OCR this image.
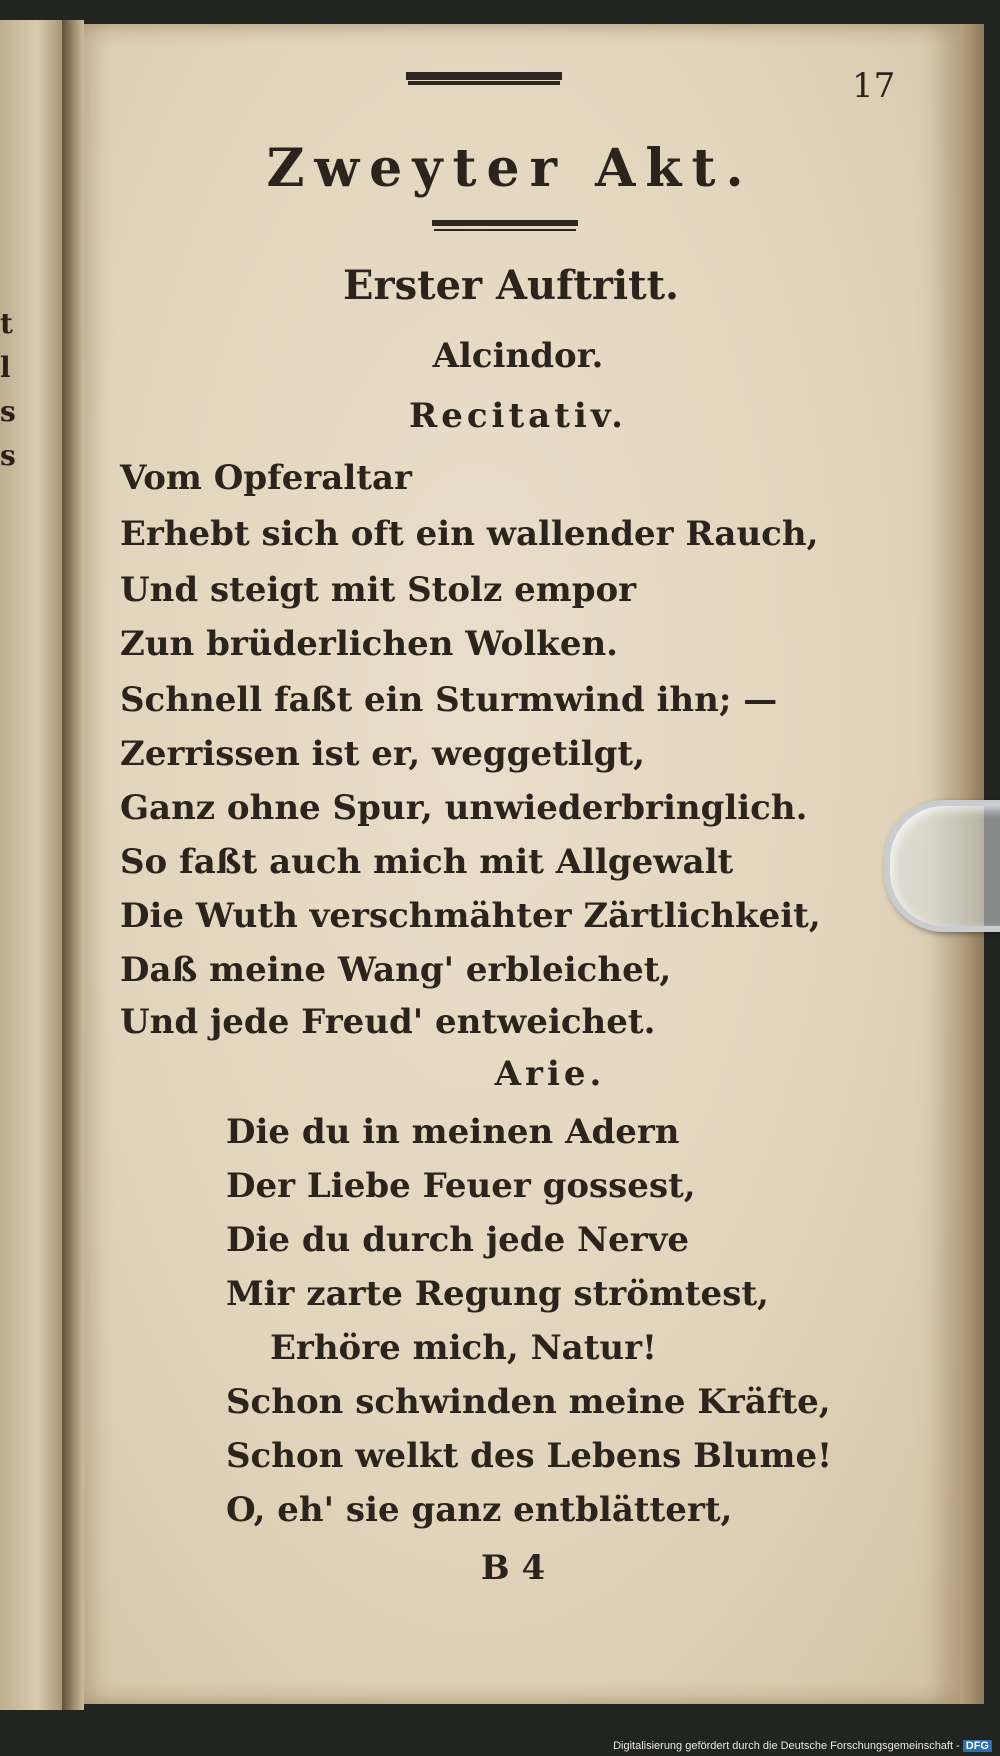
t
l
s
s
17
Zweyter Akt.
Erster Auftritt.
Alcindor.
Recitativ.
Vom Opferaltar
Erhebt sich oft ein wallender Rauch,
Und steigt mit Stolz empor
Zun brüderlichen Wolken.
Schnell faßt ein Sturmwind ihn; —
Zerrissen ist er, weggetilgt,
Ganz ohne Spur, unwiederbringlich.
So faßt auch mich mit Allgewalt
Die Wuth verschmähter Zärtlichkeit,
Daß meine Wang' erbleichet,
Und jede Freud' entweichet.
Arie.
Die du in meinen Adern
Der Liebe Feuer gossest,
Die du durch jede Nerve
Mir zarte Regung strömtest,
Erhöre mich, Natur!
Schon schwinden meine Kräfte,
Schon welkt des Lebens Blume!
O, eh' sie ganz entblättert,
B 4
Digitalisierung gefördert durch die Deutsche Forschungsgemeinschaft - DFG
